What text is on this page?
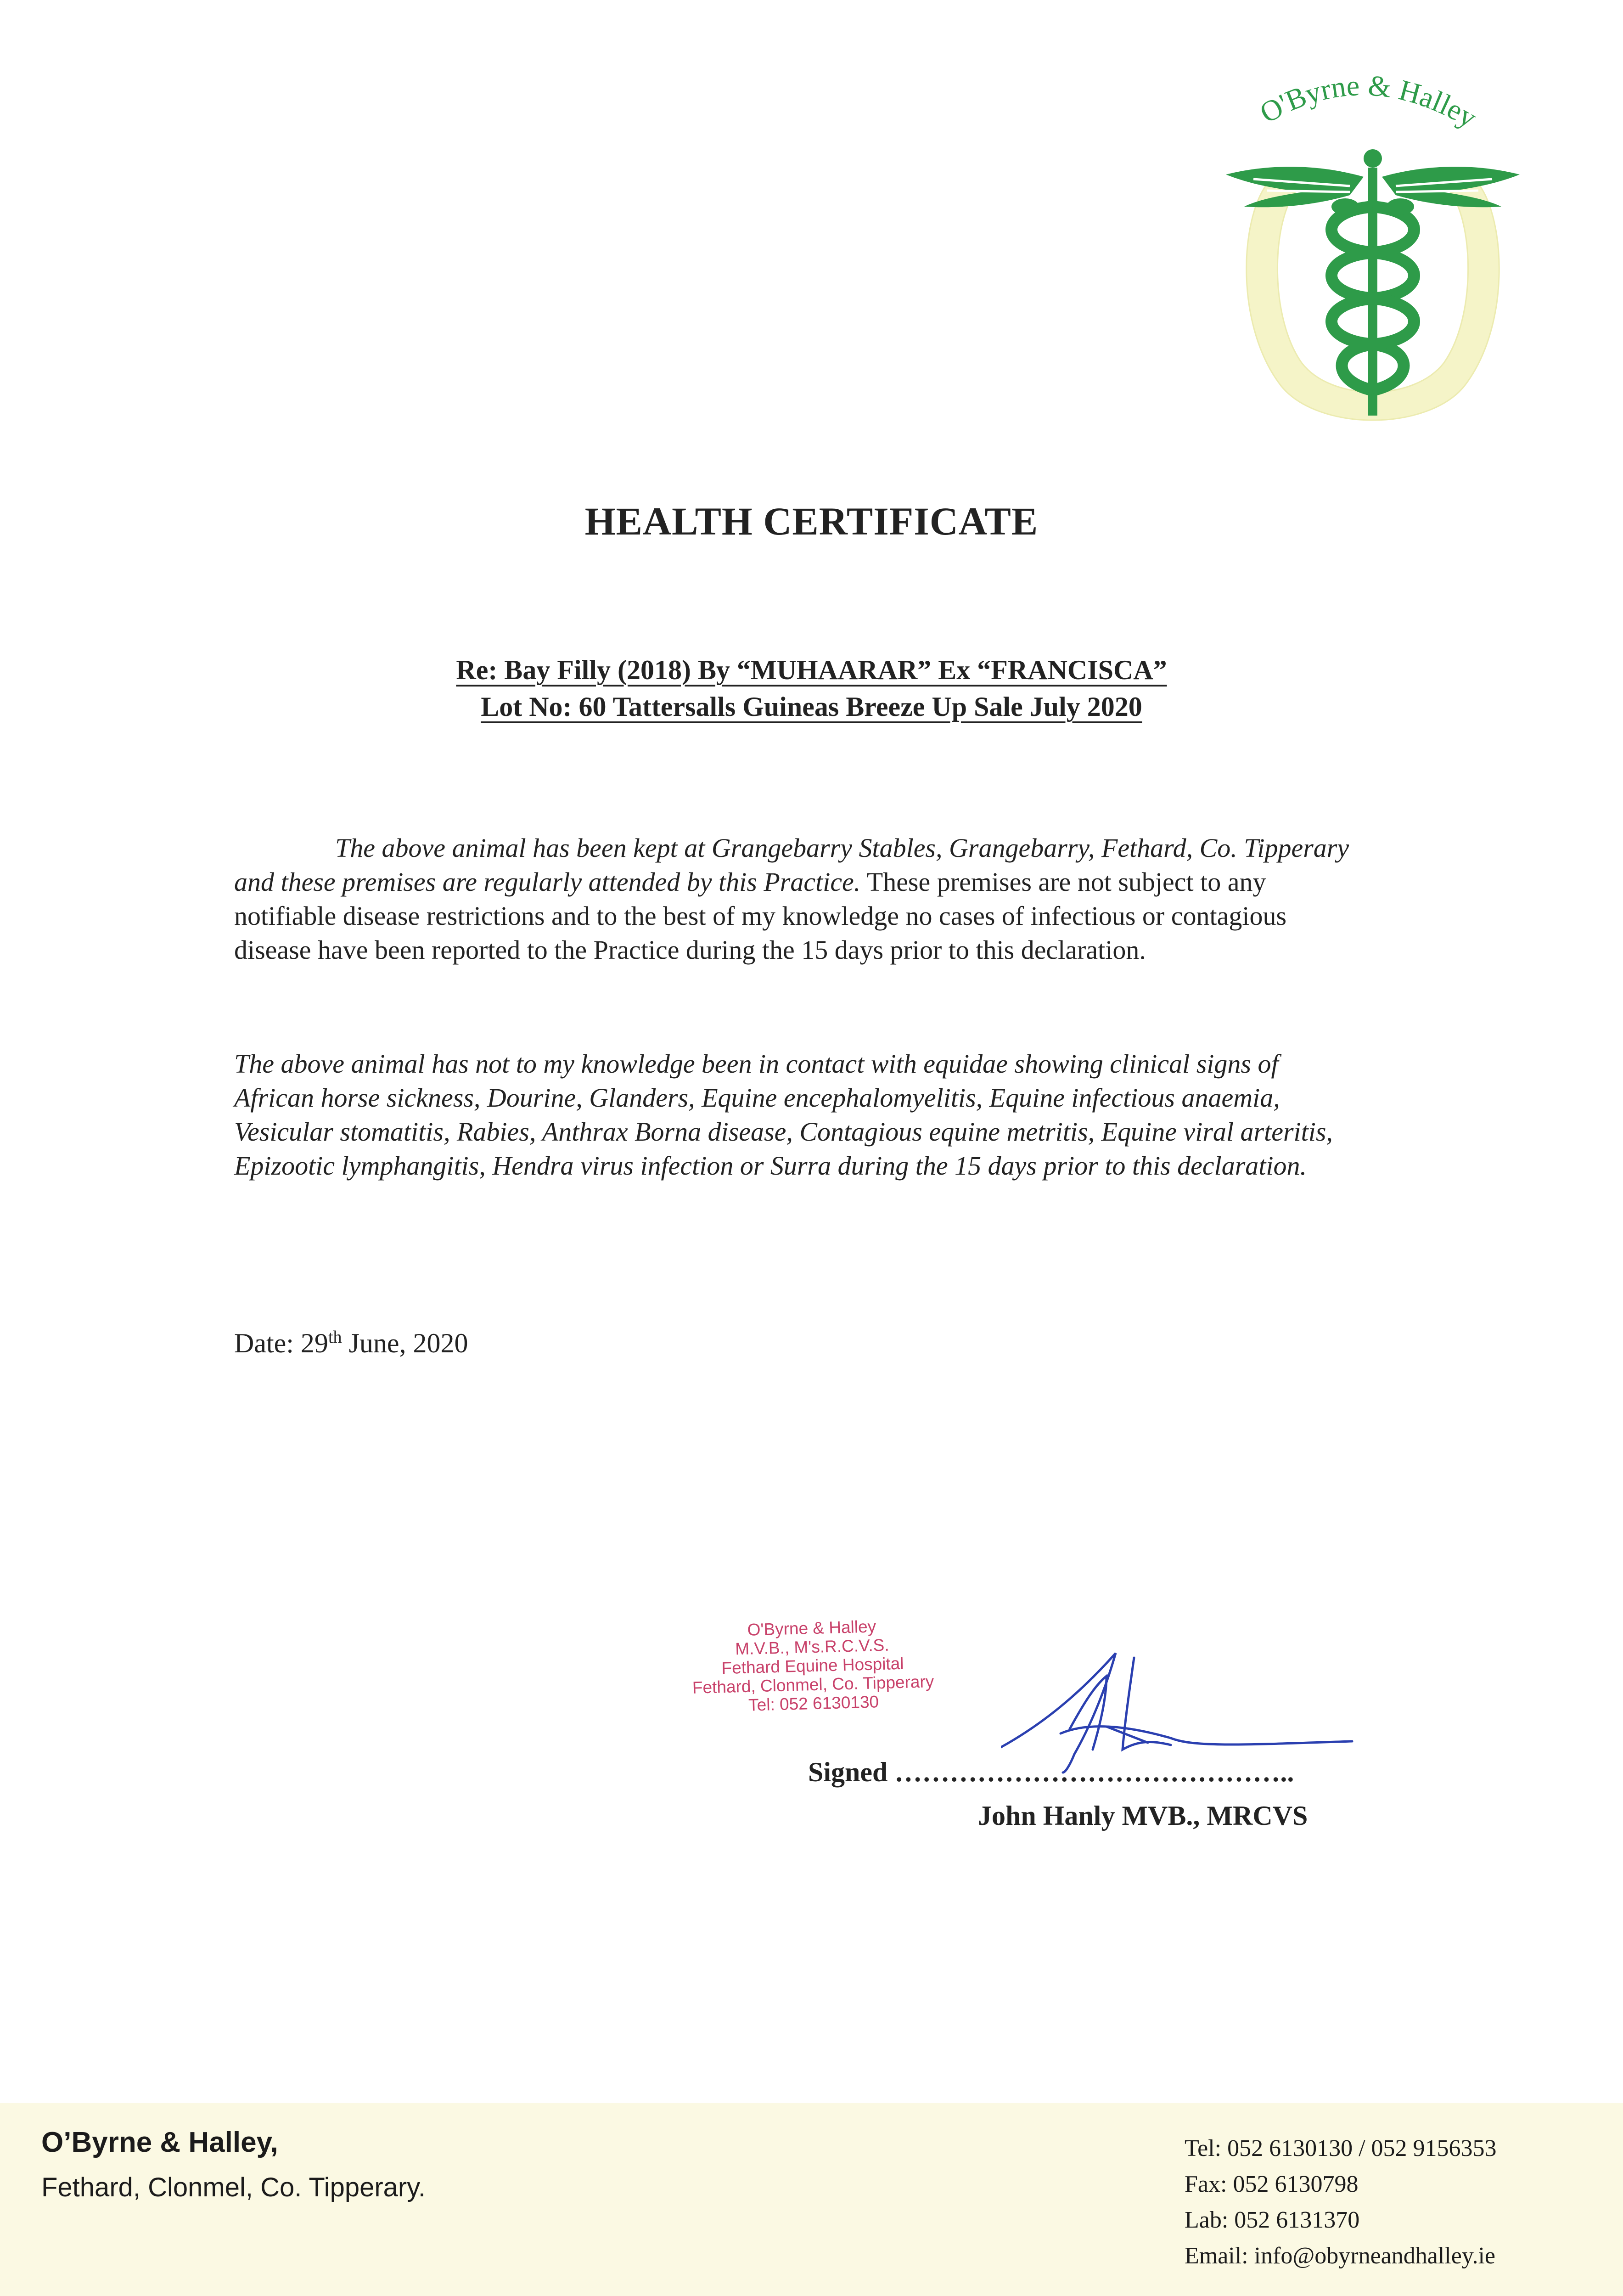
O'Byrne & Halley
HEALTH CERTIFICATE
Re: Bay Filly (2018) By “MUHAARAR” Ex “FRANCISCA”
Lot No: 60 Tattersalls Guineas Breeze Up Sale July 2020
The above animal has been kept at Grangebarry Stables, Grangebarry, Fethard, Co. Tipperary and these premises are regularly attended by this Practice. These premises are not subject to any notifiable disease restrictions and to the best of my knowledge no cases of infectious or contagious disease have been reported to the Practice during the 15 days prior to this declaration.
The above animal has not to my knowledge been in contact with equidae showing clinical signs of African horse sickness, Dourine, Glanders, Equine encephalomyelitis, Equine infectious anaemia, Vesicular stomatitis, Rabies, Anthrax Borna disease, Contagious equine metritis, Equine viral arteritis, Epizootic lymphangitis, Hendra virus infection or Surra during the 15 days prior to this declaration.
Date: 29th June, 2020
O'Byrne & Halley
M.V.B., M's.R.C.V.S.
Fethard Equine Hospital
Fethard, Clonmel, Co. Tipperary
Tel: 052 6130130
Signed ……………………………………..
John Hanly MVB., MRCVS
O’Byrne & Halley,
Fethard, Clonmel, Co. Tipperary.
Tel: 052 6130130 / 052 9156353
Fax: 052 6130798
Lab: 052 6131370
Email: info@obyrneandhalley.ie
